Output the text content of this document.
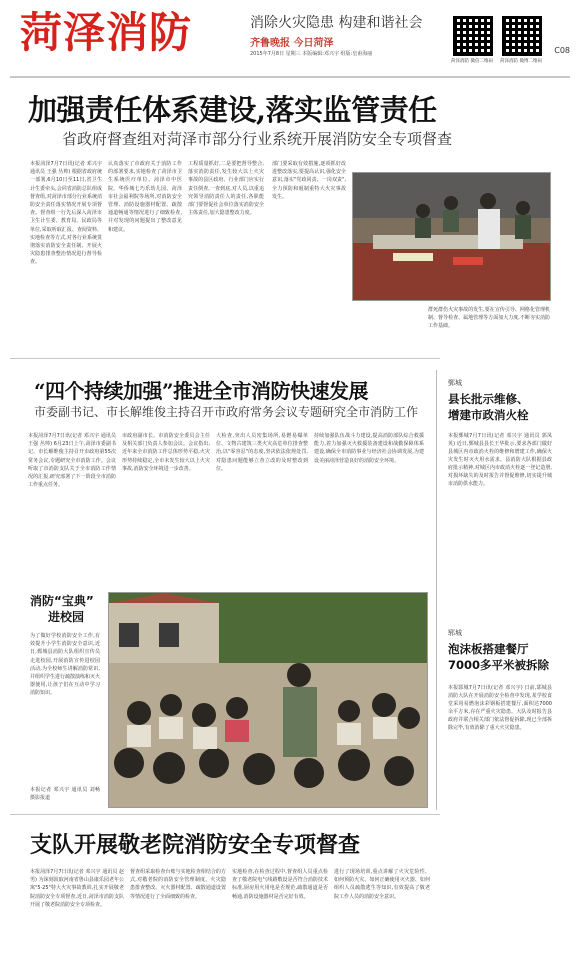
菏泽消防	消除火灾隐患 构建和谐社会
齐鲁晚报 今日菏泽
2015年7月8日 星期三 本版编辑:邓兴宇 组版:皇甫海丽
菏泽消防 微信二维码	菏泽消防 微博二维码
C08
加强责任体系建设,落实监管责任
省政府督查组对菏泽市部分行业系统开展消防安全专项督查
本报菏泽7月7日讯(记者 邓兴宇 通讯员 王强 丛帅) 根据省政府统一部署,6月10日至11日,省卫生计生委牵头,会同省消防总队组成督查组,对菏泽市部分行业系统消防安全责任落实情况开展专项督查。督查组一行先后深入菏泽市卫生计生委、教育局、民政局等单位,采取听取汇报、查阅资料、实地检查等方式,对各行业系统贯彻落实消防安全责任制、开展火灾隐患排查整治情况进行督导检查。
认真落实了市政府关于消防工作的部署要求,实地检查了菏泽市卫生系统医疗单位、菏泽市中医院、华侨城七巧乐幼儿园、菏泽市社会福利院等场所,对消防安全管理、消防设施器材配置、疏散通道畅通等情况进行了细致检查,并对发现的问题提出了整改意见和建议。
工程质量抓好,二是要把督导整合,落实消防责任,发生较大以上火灾事故的县区政府、行业部门应实行责任倒查,一查到底,对人员,以重追究领导消防责任人的责任,各职能部门要督促社会单位落实消防安全主体责任,加大隐患整改力度。
部门要采取有效措施,逐项抓好改进整改落实,要提高认识,强化安全意识,落实"党政同责、一岗双责",全力预防和遏制重特大火灾事故发生。
群死群伤火灾事故的发生,要在宣传引导、网格化管理机制、督导检查、属地管理等方面加大力度,不断夯实消防工作基础。
“四个持续加强”推进全市消防快速发展
市委副书记、市长解维俊主持召开市政府常务会议专题研究全市消防工作
本报菏泽7月7日讯(记者 邓兴宇 通讯员 王强 丛帅) 6月23日上午,菏泽市委副书记、市长解维俊主持召开市政府第55次常务会议,专题研究全市消防工作。会议听取了市消防支队关于全市消防工作情况的汇报,研究部署了下一阶段全市消防工作重点任务。
市政府副市长、市消防安全委员会主任及相关部门负责人参加会议。会议指出,近年来全市消防工作总体形势平稳,火灾形势持续稳定,全市未发生较大以上火灾事故,消防安全环境进一步改善。
大检查,突出人员密集场所,易燃易爆单位、文物古建筑三类火灾高危单位排查整治,以"零容忍"的态度,坚决依法依规处罚,对隐患问题能够立查立改的及时整改到位。
持续加强队伍战斗力建设,提高消防部队综合救援能力,着力加强灭火救援装备建设和战勤保障体系建设,确保全市消防事业与经济社会协调发展,为建设美丽菏泽营造良好的消防安全环境。
鄄城
县长批示维修、
增建市政消火栓
本报鄄城7月7日讯(记者 邓兴宇 通讯员 郭凤英) 近日,鄄城县县长王华批示,要求各部门做好县城区内市政消火栓的维修和增建工作,确保火灾发生时灭火用水需求。县消防大队根据县政府批示精神,对城区内市政消火栓逐一登记造册,对损坏缺失的及时报告并督促维修,切实提升城市消防供水能力。
郓城
泡沫板搭建餐厅
7000多平米被拆除
本报郓城7月7日讯(记者 邓兴宇) 日前,郓城县消防大队在开展消防安全检查中发现,某学校食堂采用易燃泡沫彩钢板搭建餐厅,面积达7000余平方米,存在严重火灾隐患。大队及时报告县政府并联合相关部门依法督促拆除,现已全部拆除完毕,有效消除了重大火灾隐患。
消防“宝典”
进校园
为了做好学校消防安全工作,有效提升小学生消防安全意识,近日,鄄城县消防大队组织宣传员走进校园,开展消防宣传进校园活动,为全校师生讲解消防常识,并组织学生进行疏散演练和灭火器使用,让孩子们在互动中学习消防知识。
本报记者 邓兴宇 通讯员 刘畅 摄影报道
支队开展敬老院消防安全专项督查
本报菏泽7月7日讯(记者 邓兴宇 通讯员 赵男) 为深刻汲取河南省鲁山县康乐园老年公寓"5·25"特大火灾事故教训,扎实开展敬老院消防安全专项督查,近日,菏泽市消防支队开展了敬老院消防安全专项检查。
督查组采取检查台账与实地检查相结合的方式,对敬老院的消防安全管理制度、火灾隐患排查整改、灭火器材配置、疏散通道设置等情况进行了全面细致的检查。
实地检查,在检查过程中,督查组人员重点检查了敬老院电气线路敷设是否符合消防技术标准,厨房用火用电是否规范,疏散通道是否畅通,消防设施器材是否完好有效。
进行了现场培训,重点讲解了火灾危险性、如何预防火灾、如何正确使用灭火器、如何组织人员疏散逃生等知识,有效提高了敬老院工作人员的消防安全意识。
